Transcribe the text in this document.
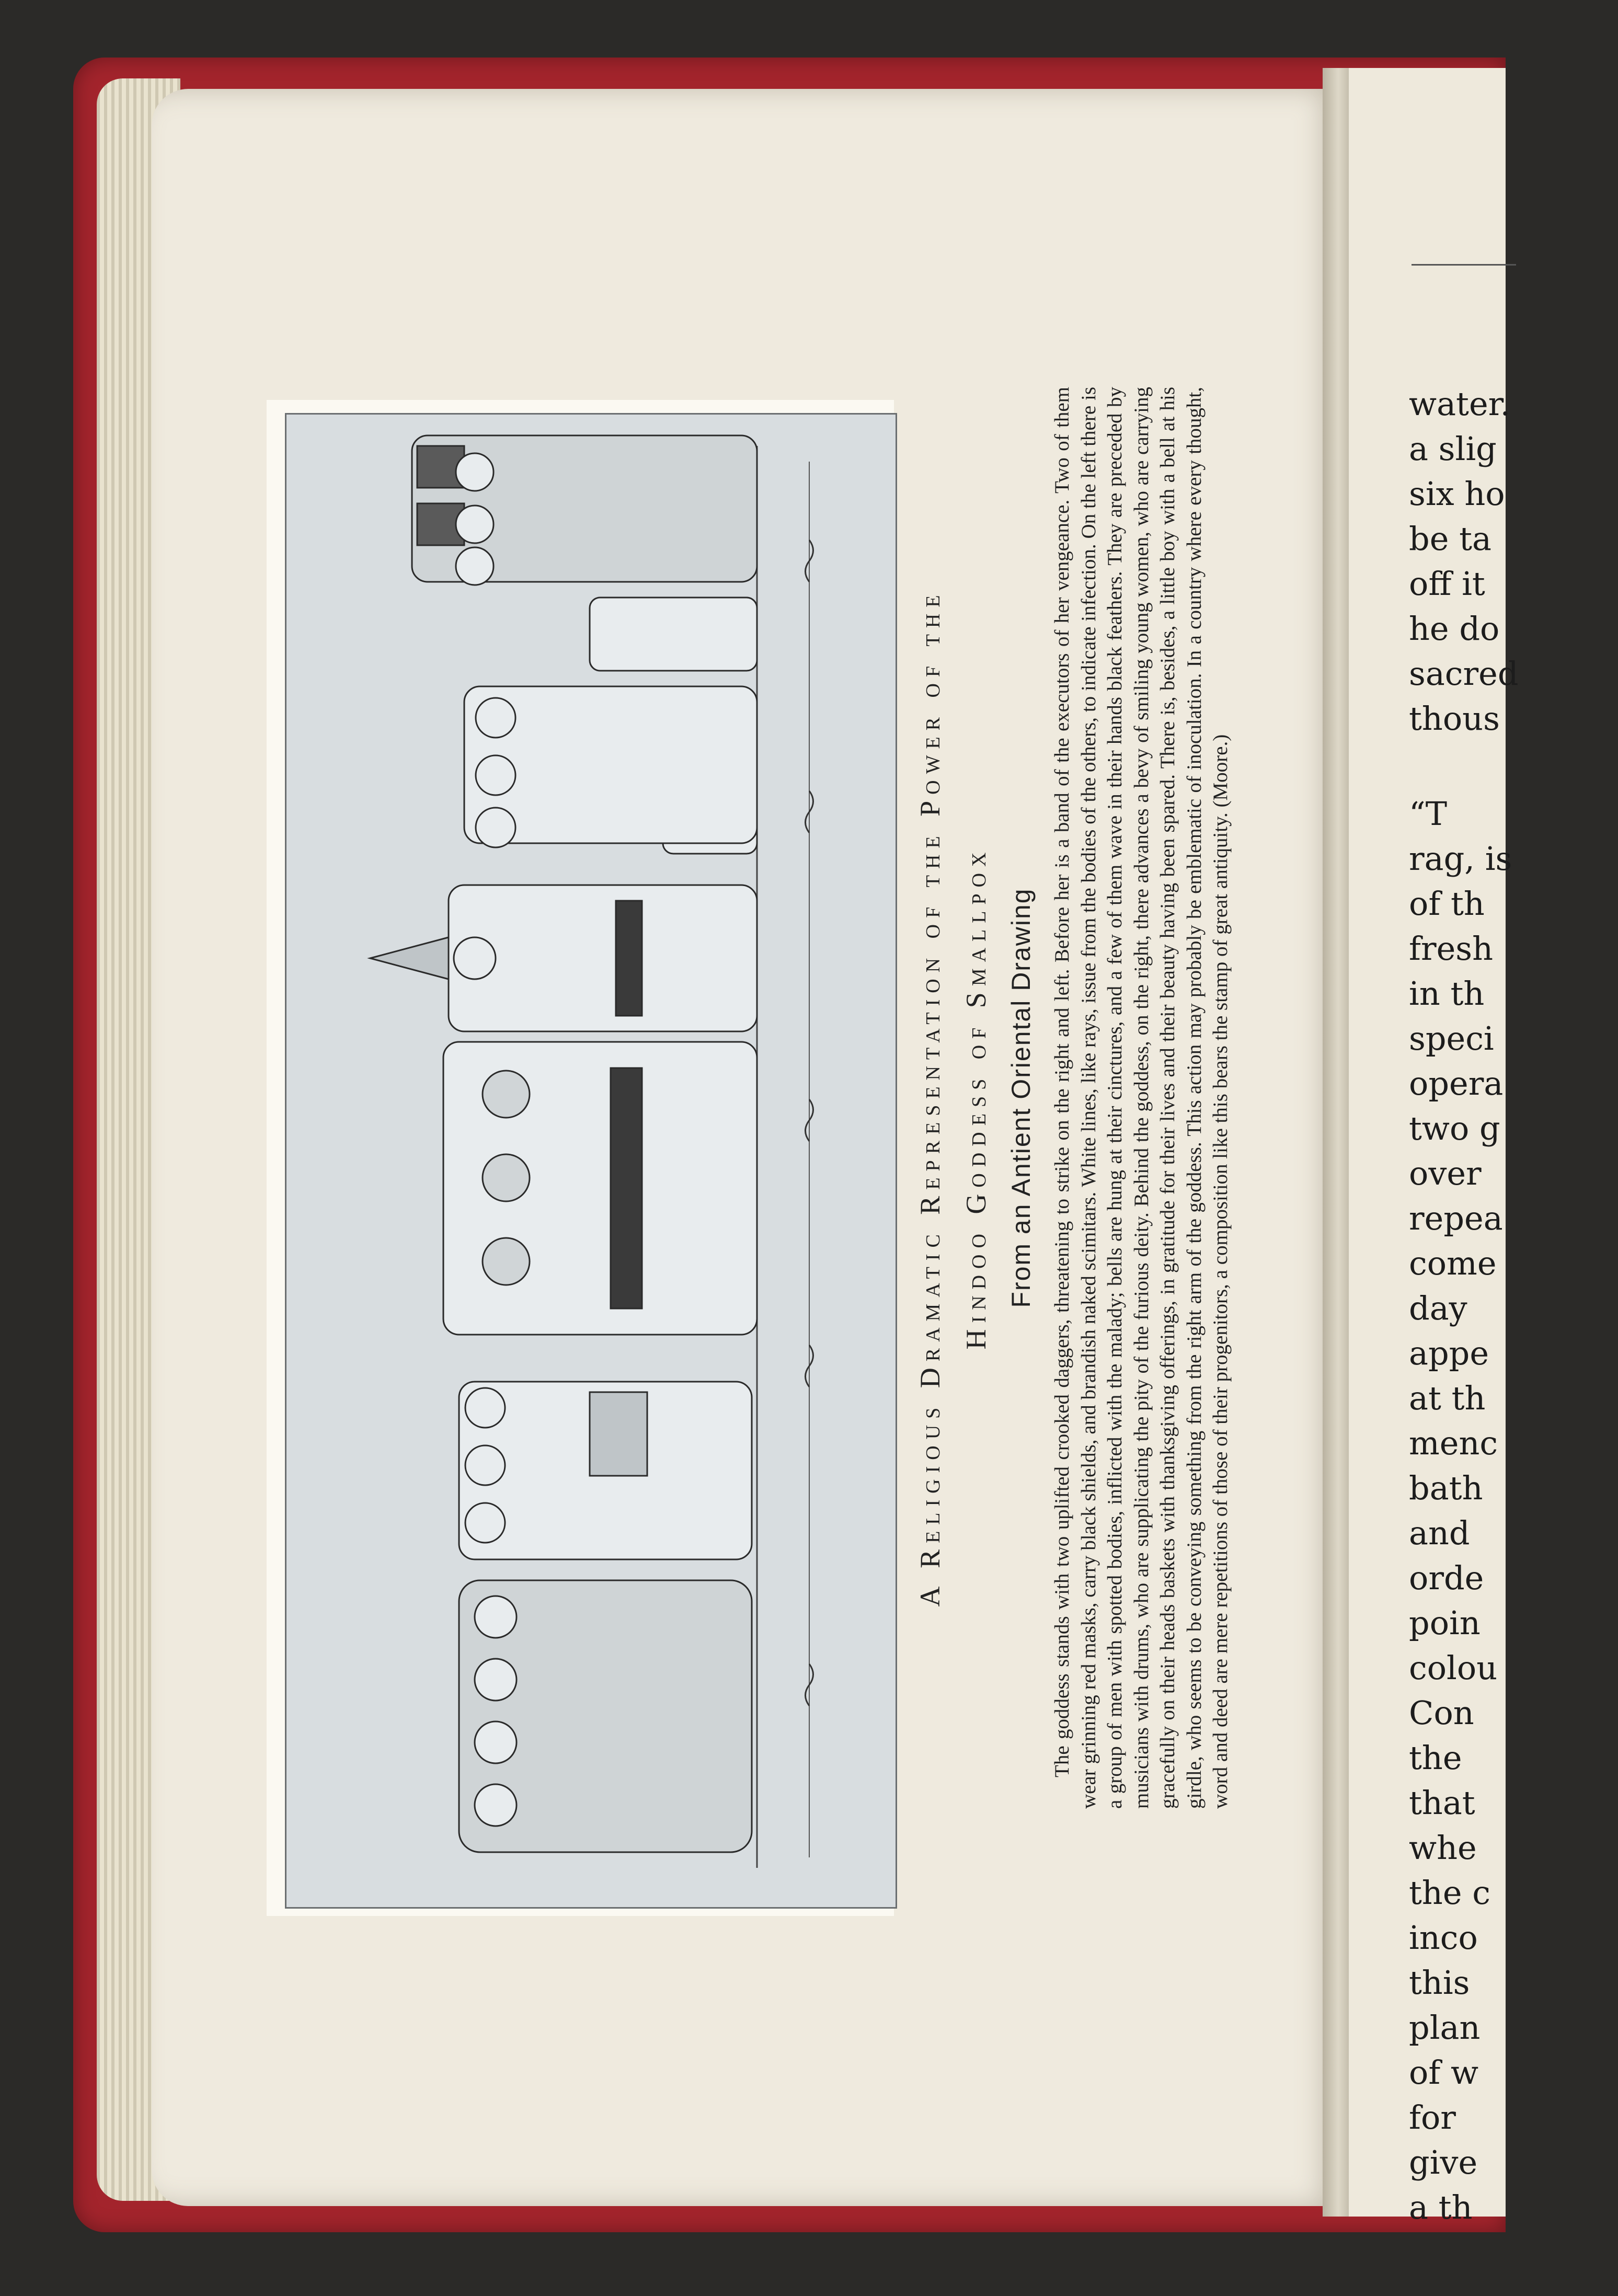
A Religious Dramatic Representation of the Power of the Hindoo Goddess of Smallpox From an Antient Oriental Drawing The goddess stands with two uplifted crooked daggers, threatening to strike on the right and left. Before her is a band of the executors of her vengeance. Two of them wear grinning red masks, carry black shields, and brandish naked scimitars. White lines, like rays, issue from the bodies of the others, to indicate infection. On the left there is a group of men with spotted bodies, inflicted with the malady; bells are hung at their cinctures, and a few of them wave in their hands black feathers. They are preceded by musicians with drums, who are supplicating the pity of the furious deity. Behind the goddess, on the right, there advances a bevy of smiling young women, who are carrying gracefully on their heads baskets with thanksgiving offerings, in gratitude for their lives and their beauty having been spared. There is, besides, a little boy with a bell at his girdle, who seems to be conveying something from the right arm of the goddess. This action may probably be emblematic of inoculation. In a country where every thought, word and deed are mere repetitions of those of their progenitors, a composition like this bears the stamp of great antiquity. (Moore.)
water.
a slig
six ho
be ta
off it
he do
sacred
thous
“T
rag, is
of th
fresh
in th
speci
opera
two g
over
repea
come
day
appe
at th
menc
bath
and
orde
poin
colou
Con
the
that
whe
the c
inco
this
plan
of w
for
give
a th
